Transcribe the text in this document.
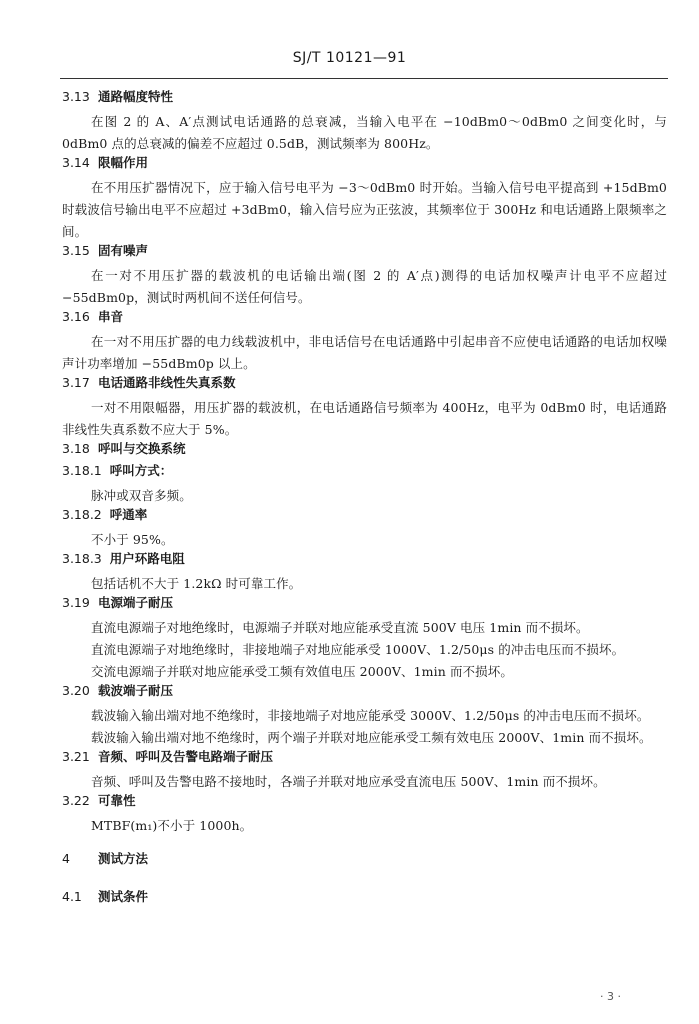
SJ/T 10121—91
3.13 通路幅度特性

在图 2 的 A、A′点测试电话通路的总衰减，当输入电平在 −10dBm0～0dBm0 之间变化时，与 0dBm0 点的总衰减的偏差不应超过 0.5dB，测试频率为 800Hz。

3.14 限幅作用

在不用压扩器情况下，应于输入信号电平为 −3～0dBm0 时开始。当输入信号电平提高到 +15dBm0 时载波信号输出电平不应超过 +3dBm0，输入信号应为正弦波，其频率位于 300Hz 和电话通路上限频率之间。

3.15 固有噪声

在一对不用压扩器的载波机的电话输出端(图 2 的 A′点)测得的电话加权噪声计电平不应超过 −55dBm0p，测试时两机间不送任何信号。

3.16 串音

在一对不用压扩器的电力线载波机中，非电话信号在电话通路中引起串音不应使电话通路的电话加权噪声计功率增加 −55dBm0p 以上。

3.17 电话通路非线性失真系数

一对不用限幅器，用压扩器的载波机，在电话通路信号频率为 400Hz，电平为 0dBm0 时，电话通路非线性失真系数不应大于 5%。

3.18 呼叫与交换系统
3.18.1 呼叫方式：

脉冲或双音多频。

3.18.2 呼通率

不小于 95%。

3.18.3 用户环路电阻

包括话机不大于 1.2kΩ 时可靠工作。

3.19 电源端子耐压

直流电源端子对地绝缘时，电源端子并联对地应能承受直流 500V 电压 1min 而不损坏。

直流电源端子对地绝缘时，非接地端子对地应能承受 1000V、1.2/50μs 的冲击电压而不损坏。

交流电源端子并联对地应能承受工频有效值电压 2000V、1min 而不损坏。

3.20 载波端子耐压

载波输入输出端对地不绝缘时，非接地端子对地应能承受 3000V、1.2/50μs 的冲击电压而不损坏。

载波输入输出端对地不绝缘时，两个端子并联对地应能承受工频有效电压 2000V、1min 而不损坏。

3.21 音频、呼叫及告警电路端子耐压

音频、呼叫及告警电路不接地时，各端子并联对地应承受直流电压 500V、1min 而不损坏。

3.22 可靠性

MTBF(m₁)不小于 1000h。

4 测试方法
4.1 测试条件
· 3 ·
